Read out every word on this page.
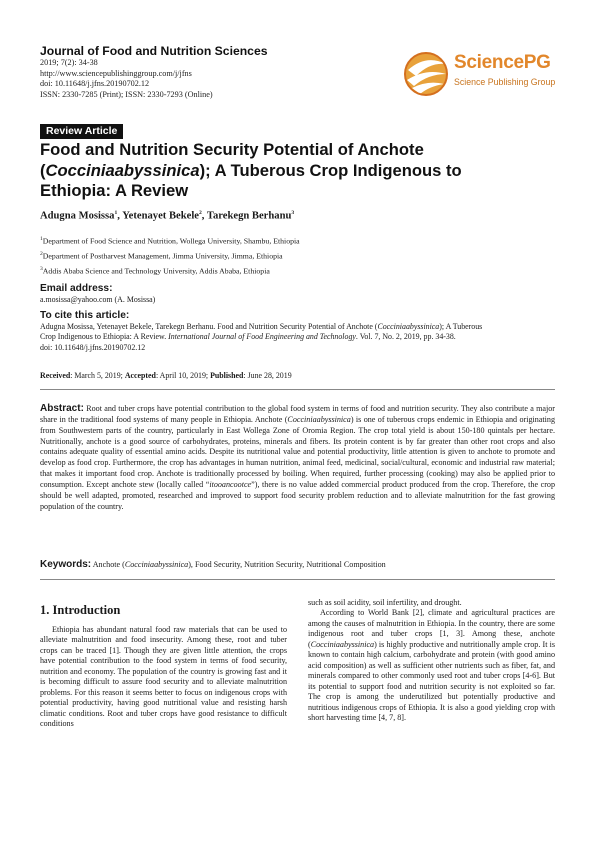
Journal of Food and Nutrition Sciences
2019; 7(2): 34-38
http://www.sciencepublishinggroup.com/j/jfns
doi: 10.11648/j.jfns.20190702.12
ISSN: 2330-7285 (Print); ISSN: 2330-7293 (Online)
SciencePG
Science Publishing Group
Review Article
Food and Nutrition Security Potential of Anchote
(Cocciniaabyssinica); A Tuberous Crop Indigenous to
Ethiopia: A Review
Adugna Mosissa$^1$, Yetenayet Bekele$^2$, Tarekegn Berhanu$^3$
$^1$Department of Food Science and Nutrition, Wollega University, Shambu, Ethiopia
$^2$Department of Postharvest Management, Jimma University, Jimma, Ethiopia
$^3$Addis Ababa Science and Technology University, Addis Ababa, Ethiopia
Email address:
a.mosissa@yahoo.com (A. Mosissa)
To cite this article:
Adugna Mosissa, Yetenayet Bekele, Tarekegn Berhanu. Food and Nutrition Security Potential of Anchote (Cocciniaabyssinica); A Tuberous
Crop Indigenous to Ethiopia: A Review. International Journal of Food Engineering and Technology. Vol. 7, No. 2, 2019, pp. 34-38.
doi: 10.11648/j.jfns.20190702.12
Received: March 5, 2019; Accepted: April 10, 2019; Published: June 28, 2019
Abstract: Root and tuber crops have potential contribution to the global food system in terms of food and nutrition security. They also contribute a major share in the traditional food systems of many people in Ethiopia. Anchote (Cocciniaabyssinica) is one of tuberous crops endemic in Ethiopia and originating from Southwestern parts of the country, particularly in East Wollega Zone of Oromia Region. The crop total yield is about 150-180 quintals per hectare. Nutritionally, anchote is a good source of carbohydrates, proteins, minerals and fibers. Its protein content is by far greater than other root crops and also contains adequate quality of essential amino acids. Despite its nutritional value and potential productivity, little attention is given to anchote to promote and develop as food crop. Furthermore, the crop has advantages in human nutrition, animal feed, medicinal, social/cultural, economic and industrial raw material; that makes it important food crop. Anchote is traditionally processed by boiling. When required, further processing (cooking) may also be applied prior to consumption. Except anchote stew (locally called “itooancootce”), there is no value added commercial product produced from the crop. Therefore, the crop should be well adapted, promoted, researched and improved to support food security problem reduction and to alleviate malnutrition for the fast growing population of the country.
Keywords: Anchote (Cocciniaabyssinica), Food Security, Nutrition Security, Nutritional Composition
1. Introduction

Ethiopia has abundant natural food raw materials that can be used to alleviate malnutrition and food insecurity. Among these, root and tuber crops can be traced [1]. Though they are given little attention, the crops have potential contribution to the food system in terms of food security, nutrition and economy. The population of the country is growing fast and it is becoming difficult to assure food security and to alleviate malnutrition problems. For this reason it seems better to focus on indigenous crops with potential productivity, having good nutritional value and resisting harsh climatic conditions. Root and tuber crops have good resistance to difficult conditions

such as soil acidity, soil infertility, and drought.

According to World Bank [2], climate and agricultural practices are among the causes of malnutrition in Ethiopia. In the country, there are some indigenous root and tuber crops [1, 3]. Among these, anchote (Cocciniaabyssinica) is highly productive and nutritionally ample crop. It is known to contain high calcium, carbohydrate and protein (with good amino acid composition) as well as sufficient other nutrients such as fiber, fat, and minerals compared to other commonly used root and tuber crops [4-6]. But its potential to support food and nutrition security is not exploited so far. The crop is among the underutilized but potentially productive and nutritious indigenous crops of Ethiopia. It is also a good yielding crop with short harvesting time [4, 7, 8].
